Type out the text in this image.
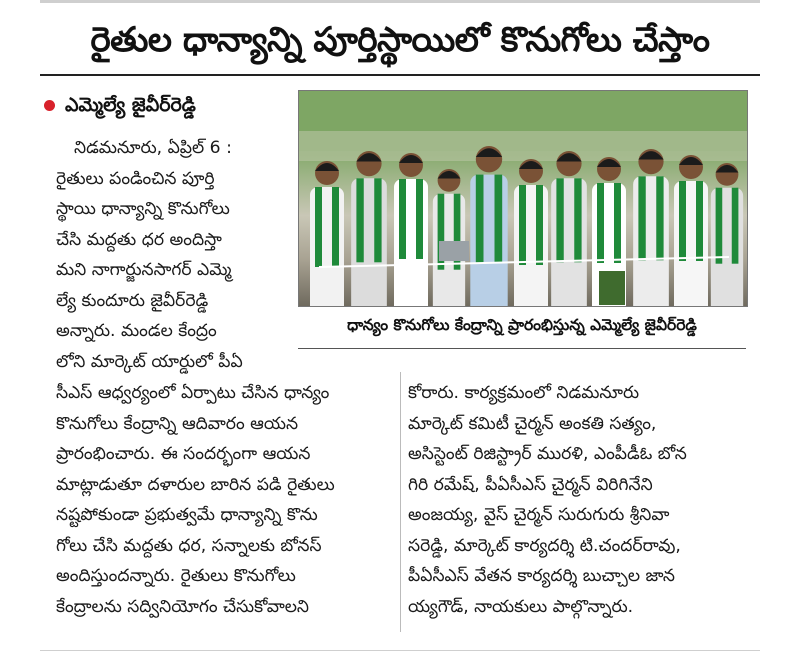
రైతుల ధాన్యాన్ని పూర్తిస్థాయిలో కొనుగోలు చేస్తాం
ఎమ్మెల్యే జైవీర్‌రెడ్డి
ధాన్యం కొనుగోలు కేంద్రాన్ని ప్రారంభిస్తున్న ఎమ్మెల్యే జైవీర్‌రెడ్డి
నిడమనూరు, ఏప్రిల్ 6 :
రైతులు పండించిన పూర్తి
స్థాయి ధాన్యాన్ని కొనుగోలు
చేసి మద్దతు ధర అందిస్తా
మని నాగార్జునసాగర్ ఎమ్మె
ల్యే కుందూరు జైవీర్‌రెడ్డి
అన్నారు. మండల కేంద్రం
లోని మార్కెట్ యార్డులో పీఏ
సీఎస్ ఆధ్వర్యంలో ఏర్పాటు చేసిన ధాన్యం
కొనుగోలు కేంద్రాన్ని ఆదివారం ఆయన
ప్రారంభించారు. ఈ సందర్భంగా ఆయన
మాట్లాడుతూ దళారుల బారిన పడి రైతులు
నష్టపోకుండా ప్రభుత్వమే ధాన్యాన్ని కొను
గోలు చేసి మద్దతు ధర, సన్నాలకు బోనస్
అందిస్తుందన్నారు. రైతులు కొనుగోలు
కేంద్రాలను సద్వినియోగం చేసుకోవాలని
కోరారు. కార్యక్రమంలో నిడమనూరు
మార్కెట్ కమిటీ చైర్మన్ అంకతి సత్యం,
అసిస్టెంట్ రిజిస్ట్రార్ మురళి, ఎంపీడీఓ బోన
గిరి రమేష్, పీఏసీఎస్ చైర్మన్ విరిగినేని
అంజయ్య, వైస్ చైర్మన్ సురుగురు శ్రీనివా
సరెడ్డి, మార్కెట్ కార్యదర్శి టి.చందర్‌రావు,
పీఏసీఎస్ వేతన కార్యదర్శి బుచ్చాల జాన
య్యగౌడ్, నాయకులు పాల్గొన్నారు.
